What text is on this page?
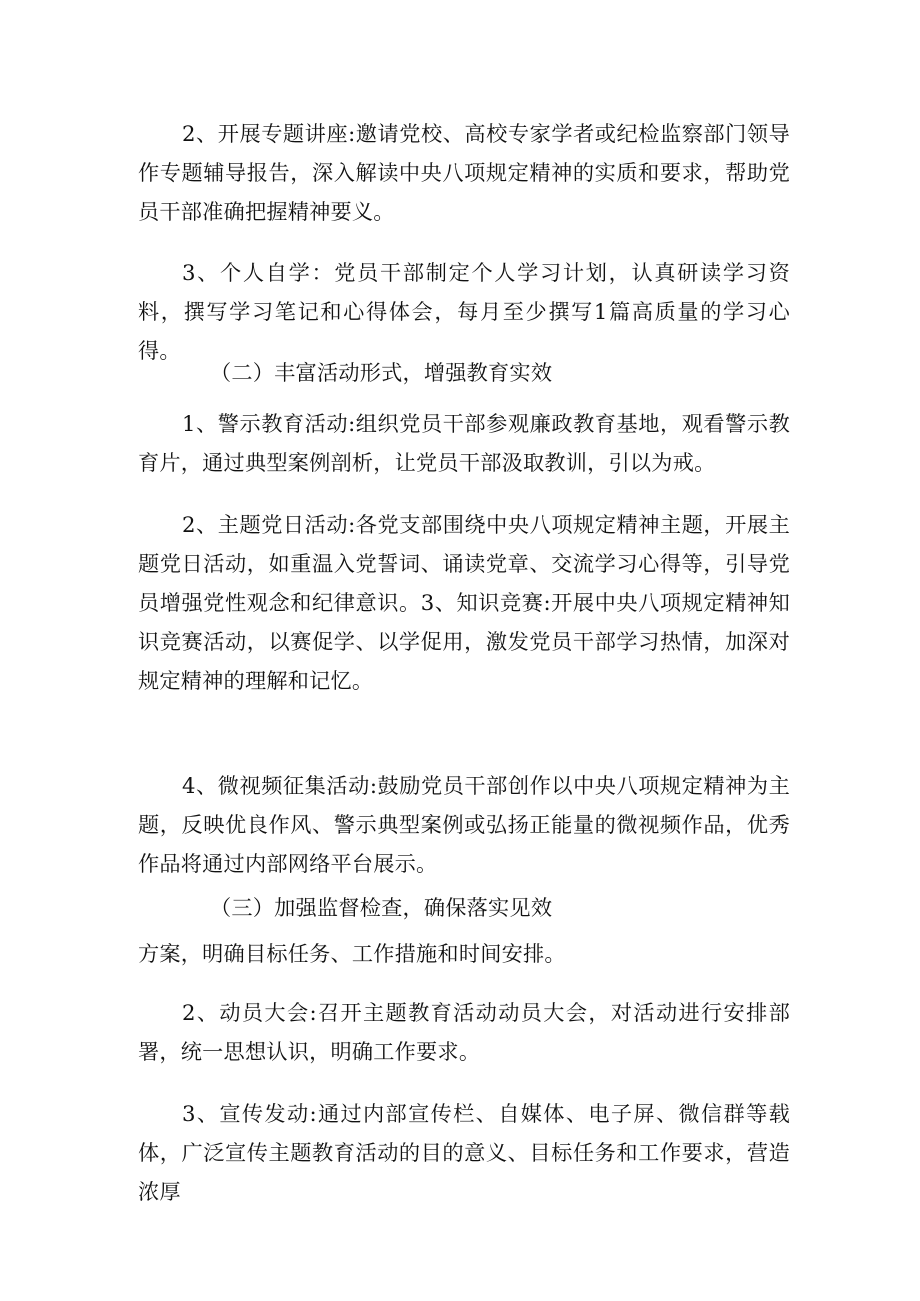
2、开展专题讲座:邀请党校、高校专家学者或纪检监察部门领导作专题辅导报告，深入解读中央八项规定精神的实质和要求，帮助党员干部准确把握精神要义。

3、个人自学：党员干部制定个人学习计划，认真研读学习资料，撰写学习笔记和心得体会，每月至少撰写1篇高质量的学习心得。

（二）丰富活动形式，增强教育实效

1、警示教育活动:组织党员干部参观廉政教育基地，观看警示教育片，通过典型案例剖析，让党员干部汲取教训，引以为戒。

2、主题党日活动:各党支部围绕中央八项规定精神主题，开展主题党日活动，如重温入党誓词、诵读党章、交流学习心得等，引导党员增强党性观念和纪律意识。3、知识竞赛:开展中央八项规定精神知识竞赛活动，以赛促学、以学促用，激发党员干部学习热情，加深对规定精神的理解和记忆。

4、微视频征集活动:鼓励党员干部创作以中央八项规定精神为主题，反映优良作风、警示典型案例或弘扬正能量的微视频作品，优秀作品将通过内部网络平台展示。

（三）加强监督检查，确保落实见效

方案，明确目标任务、工作措施和时间安排。

2、动员大会:召开主题教育活动动员大会，对活动进行安排部署，统一思想认识，明确工作要求。

3、宣传发动:通过内部宣传栏、自媒体、电子屏、微信群等载体，广泛宣传主题教育活动的目的意义、目标任务和工作要求，营造浓厚
